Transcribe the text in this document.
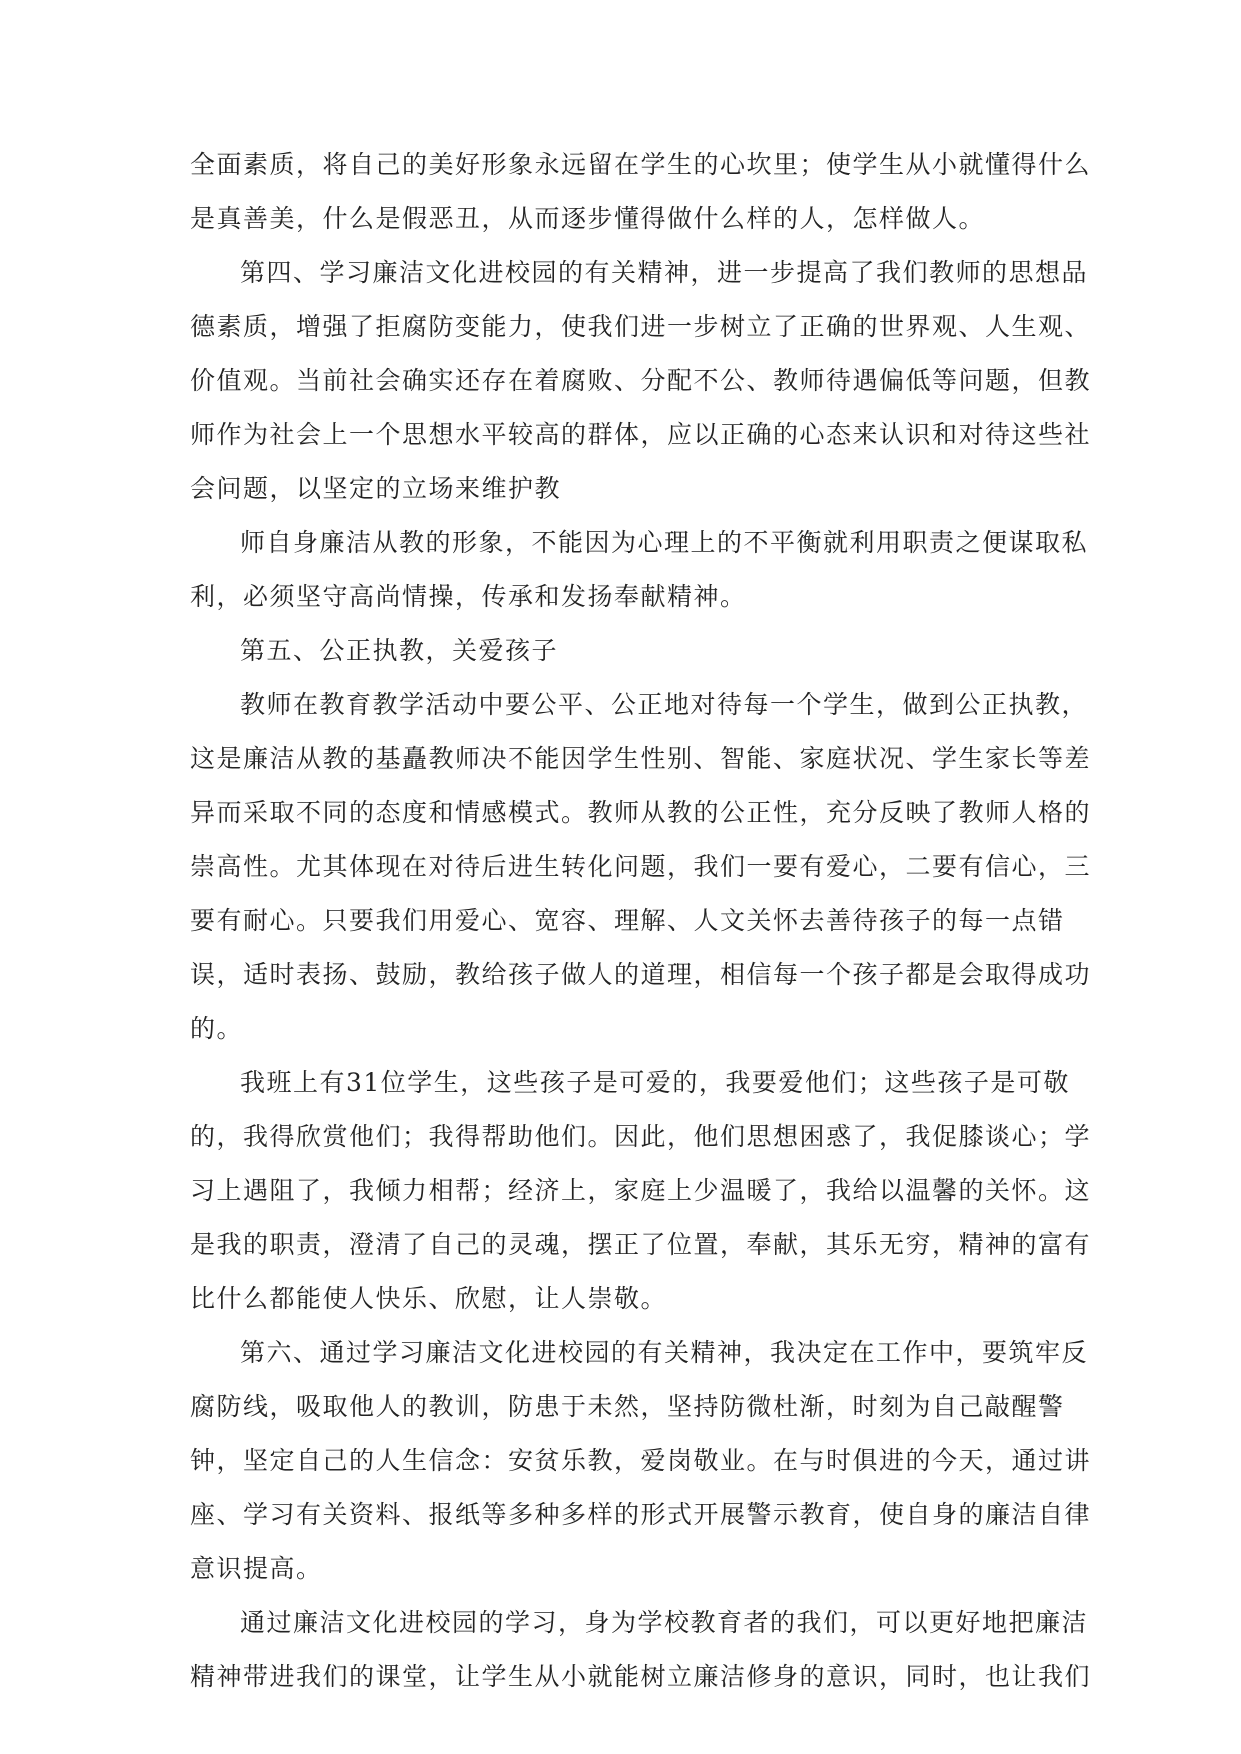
全面素质，将自己的美好形象永远留在学生的心坎里；使学生从小就懂得什么
是真善美，什么是假恶丑，从而逐步懂得做什么样的人，怎样做人。
第四、学习廉洁文化进校园的有关精神，进一步提高了我们教师的思想品
德素质，增强了拒腐防变能力，使我们进一步树立了正确的世界观、人生观、
价值观。当前社会确实还存在着腐败、分配不公、教师待遇偏低等问题，但教
师作为社会上一个思想水平较高的群体，应以正确的心态来认识和对待这些社
会问题，以坚定的立场来维护教
师自身廉洁从教的形象，不能因为心理上的不平衡就利用职责之便谋取私
利，必须坚守高尚情操，传承和发扬奉献精神。
第五、公正执教，关爱孩子
教师在教育教学活动中要公平、公正地对待每一个学生，做到公正执教，
这是廉洁从教的基矗教师决不能因学生性别、智能、家庭状况、学生家长等差
异而采取不同的态度和情感模式。教师从教的公正性，充分反映了教师人格的
崇高性。尤其体现在对待后进生转化问题，我们一要有爱心，二要有信心，三
要有耐心。只要我们用爱心、宽容、理解、人文关怀去善待孩子的每一点错
误，适时表扬、鼓励，教给孩子做人的道理，相信每一个孩子都是会取得成功
的。
我班上有31位学生，这些孩子是可爱的，我要爱他们；这些孩子是可敬
的，我得欣赏他们；我得帮助他们。因此，他们思想困惑了，我促膝谈心；学
习上遇阻了，我倾力相帮；经济上，家庭上少温暖了，我给以温馨的关怀。这
是我的职责，澄清了自己的灵魂，摆正了位置，奉献，其乐无穷，精神的富有
比什么都能使人快乐、欣慰，让人崇敬。
第六、通过学习廉洁文化进校园的有关精神，我决定在工作中，要筑牢反
腐防线，吸取他人的教训，防患于未然，坚持防微杜渐，时刻为自己敲醒警
钟，坚定自己的人生信念：安贫乐教，爱岗敬业。在与时俱进的今天，通过讲
座、学习有关资料、报纸等多种多样的形式开展警示教育，使自身的廉洁自律
意识提高。
通过廉洁文化进校园的学习，身为学校教育者的我们，可以更好地把廉洁
精神带进我们的课堂，让学生从小就能树立廉洁修身的意识，同时，也让我们
